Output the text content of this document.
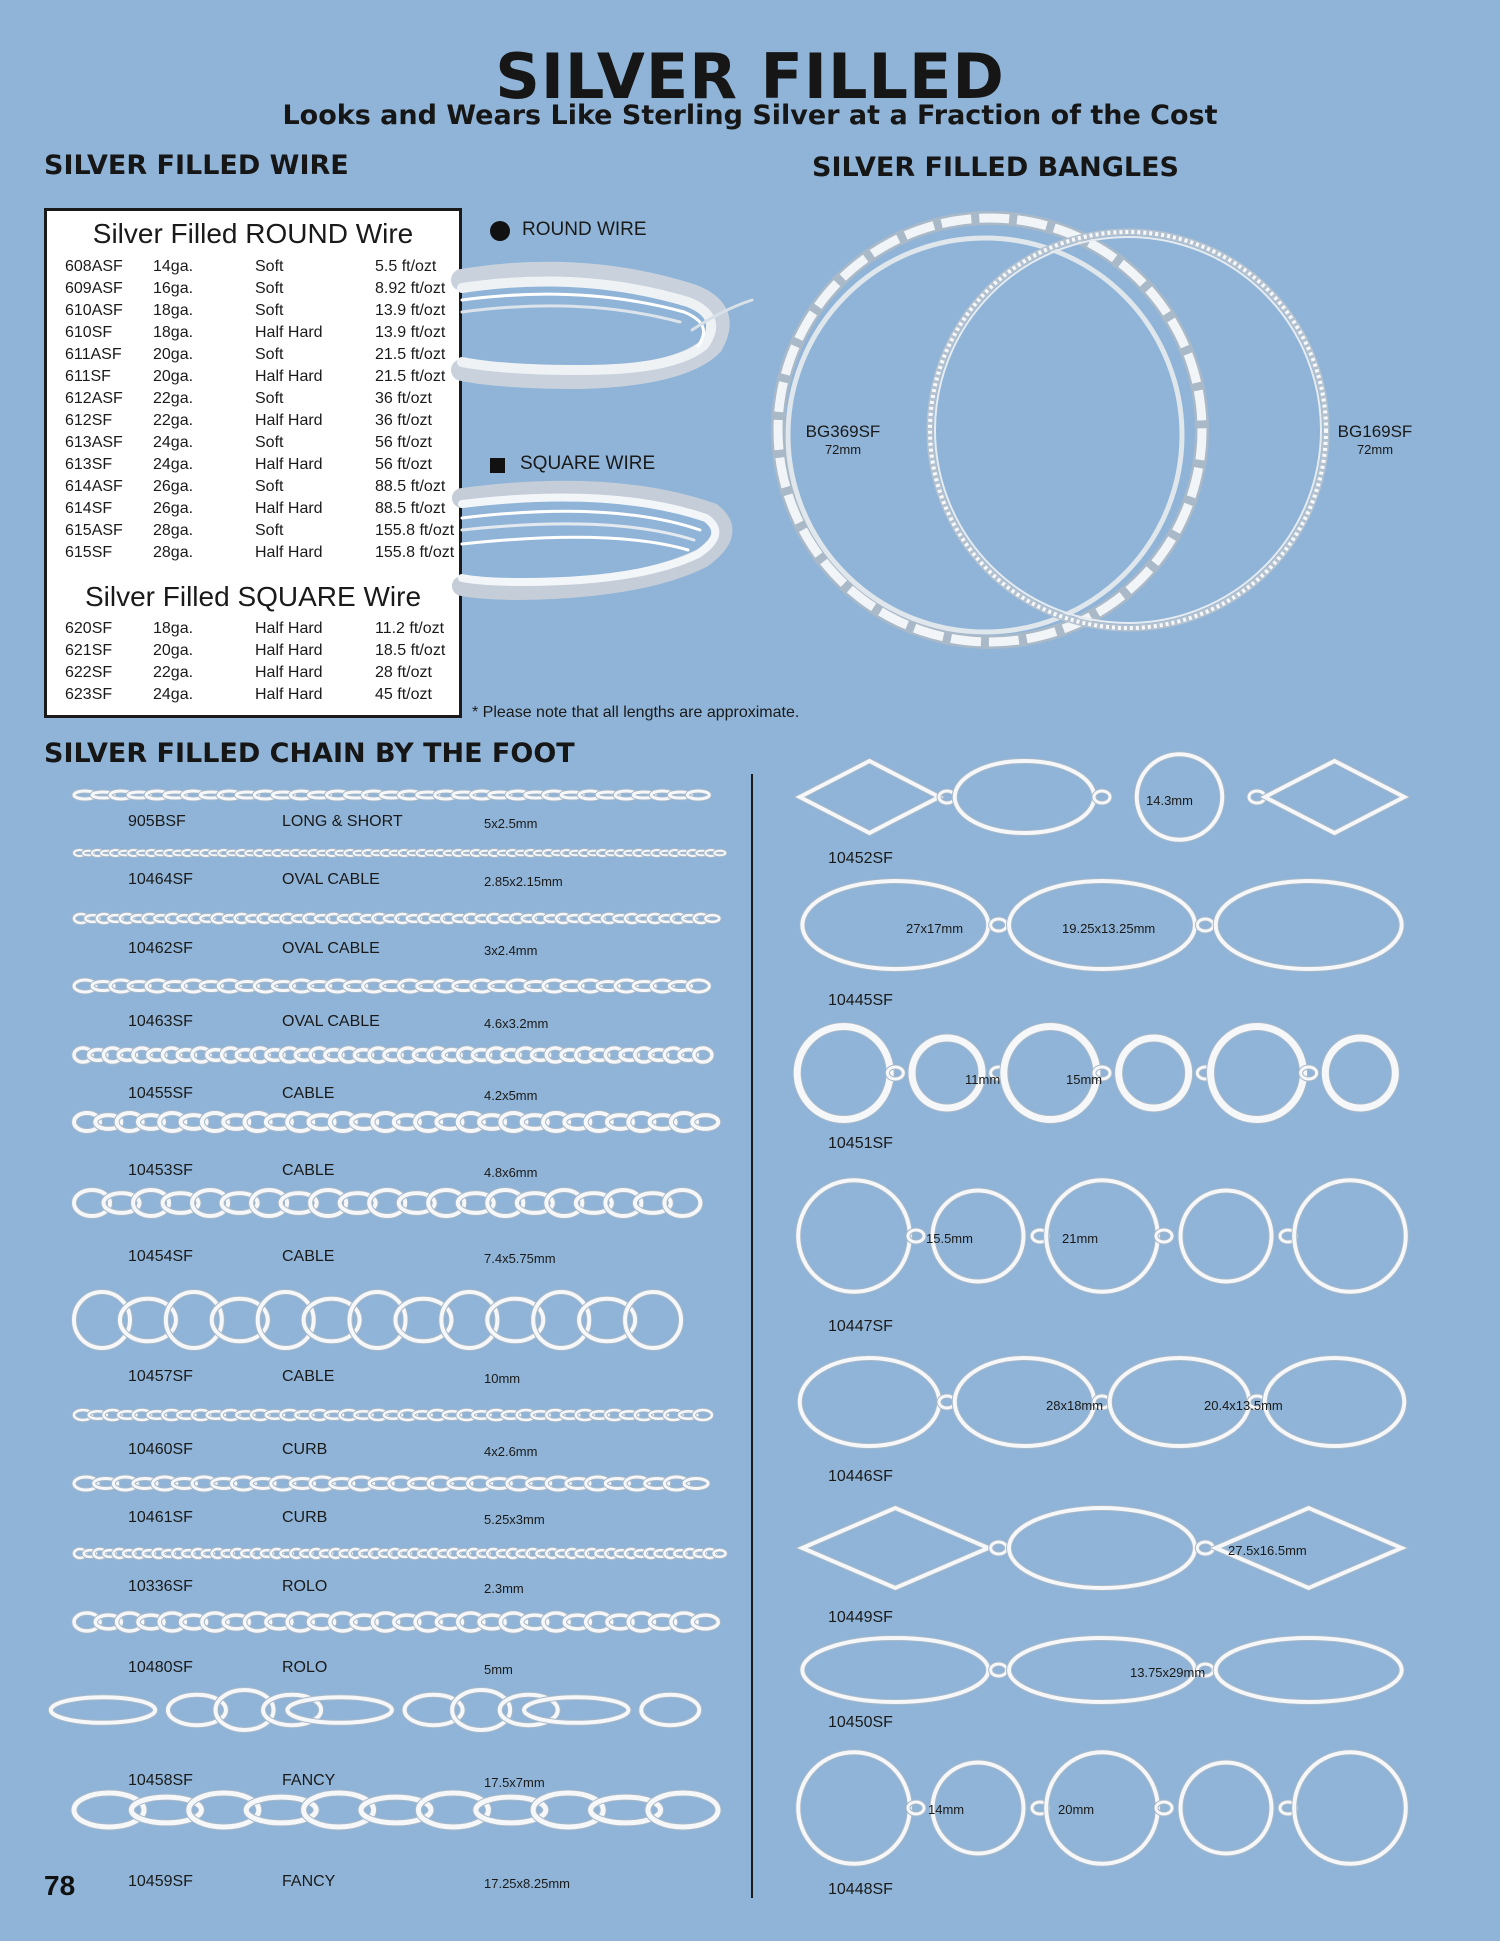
SILVER FILLED
Looks and Wears Like Sterling Silver at a Fraction of the Cost
SILVER FILLED WIRE	SILVER FILLED BANGLES
SILVER FILLED CHAIN BY THE FOOT
Silver Filled ROUND Wire
608ASF 14ga.	Soft	5.5 ft/ozt
609ASF 16ga.	Soft	8.92 ft/ozt
610ASF 18ga.	Soft	13.9 ft/ozt
610SF	18ga.	Half Hard	13.9 ft/ozt
611ASF 20ga.	Soft	21.5 ft/ozt
611SF	20ga.	Half Hard	21.5 ft/ozt
612ASF 22ga.	Soft	36 ft/ozt
612SF	22ga.	Half Hard	36 ft/ozt
613ASF 24ga.	Soft	56 ft/ozt
613SF	24ga.	Half Hard	56 ft/ozt
614ASF 26ga.	Soft	88.5 ft/ozt
614SF	26ga.	Half Hard	88.5 ft/ozt
615ASF 28ga.	Soft	155.8 ft/ozt
615SF	28ga.	Half Hard	155.8 ft/ozt
Silver Filled SQUARE Wire
620SF	18ga.	Half Hard	11.2 ft/ozt
621SF	20ga.	Half Hard	18.5 ft/ozt
622SF	22ga.	Half Hard	28 ft/ozt
623SF	24ga.	Half Hard	45 ft/ozt
ROUND WIRE
SQUARE WIRE
* Please note that all lengths are approximate.
BG369SF
72mm
BG169SF
72mm
905BSF	LONG & SHORT	5x2.5mm
10464SF	OVAL CABLE	2.85x2.15mm
10462SF	OVAL CABLE	3x2.4mm
10463SF	OVAL CABLE	4.6x3.2mm
10455SF	CABLE	4.2x5mm
10453SF	CABLE	4.8x6mm
10454SF	CABLE	7.4x5.75mm
10457SF	CABLE	10mm
10460SF	CURB	4x2.6mm
10461SF	CURB	5.25x3mm
10336SF	ROLO	2.3mm
10480SF	ROLO	5mm
10458SF	FANCY	17.5x7mm
10459SF	FANCY	17.25x8.25mm
10452SF
14.3mm
10445SF
27x17mm	19.25x13.25mm
10451SF
11mm	15mm
10447SF
15.5mm	21mm
10446SF
28x18mm	20.4x13.5mm
10449SF
27.5x16.5mm
10450SF
13.75x29mm
10448SF
14mm	20mm
78
